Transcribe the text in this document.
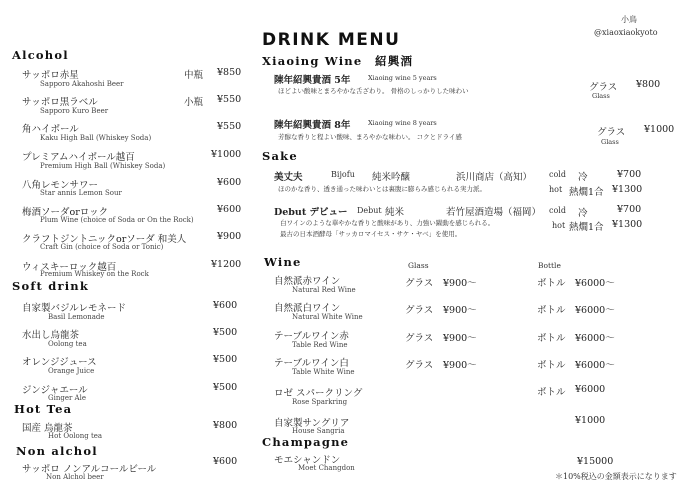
DRINK MENU
小鳥
@xiaoxiaokyoto
Alcohol
サッポロ赤星
Sapporo Akahoshi Beer
中瓶 ¥850
サッポロ黒ラベル
Sapporo Kuro Beer
小瓶 ¥550
角ハイボール
Kaku High Ball (Whiskey Soda)
¥550
プレミアムハイボール越百
Premium High Ball (Whiskey Soda)
¥1000
八角レモンサワー
Star annis Lemon Sour
¥600
梅酒ソーダorロック
Plum Wine (choice of Soda or On the Rock)
¥600
クラフトジントニックorソーダ 和美人
Craft Gin (choice of Soda or Tonic)
¥900
ウィスキーロック越百
Premium Whiskey on the Rock
¥1200
Soft drink
自家製バジルレモネード
Basil Lemonade
¥600
水出し烏龍茶
Oolong tea
¥500
オレンジジュース
Orange Juice
¥500
ジンジャエール
Ginger Ale
¥500
Hot Tea
国産 烏龍茶
Hot Oolong tea
¥800
Non alchol
サッポロ ノンアルコールビール
Non Alchol beer
¥600
Xiaoing Wine　紹興酒
陳年紹興貴酒 5年	Xiaoing wine 5 years
ほどよい酸味とまろやかな舌ざわり。 骨格のしっかりした味わい	グラス
Glass
¥800
陳年紹興貴酒 8年	Xiaoing wine 8 years
芳醇な香りと程よい酸味、まろやかな味わい。 コクとドライ感	グラス
Glass
¥1000
Sake
美丈夫	Bijofu 純米吟醸	浜川商店（高知）
ほのかな香り、透き通った味わいとは裏腹に膨らみ感じられる実力派。
cold 冷	¥700
hot 熱燗1合 ¥1300
Debut デビュー Debut 純米	若竹屋酒造場（福岡）
白ワインのような華やかな香りと酸味があり、力強い躍動を感じられる。
最古の日本酒酵母「サッカロマイセス・サケ・ヤベ」を使用。
cold 冷	¥700
hot 熱燗1合 ¥1300
Wine	Glass	Bottle
自然派赤ワイン
Natural Red Wine
グラス ¥900～	ボトル ¥6000～
自然派白ワイン
Natural White Wine
グラス ¥900～	ボトル ¥6000～
テーブルワイン赤
Table Red Wine
グラス ¥900～	ボトル ¥6000～
テーブルワイン白
Table White Wine
グラス ¥900～	ボトル ¥6000～
ロゼ スパークリング
Rose Sparkring
ボトル ¥6000
自家製サングリア
House Sangria
¥1000
Champagne
モエシャンドン
Moet Changdon
¥15000
＊10%税込の金額表示になります
